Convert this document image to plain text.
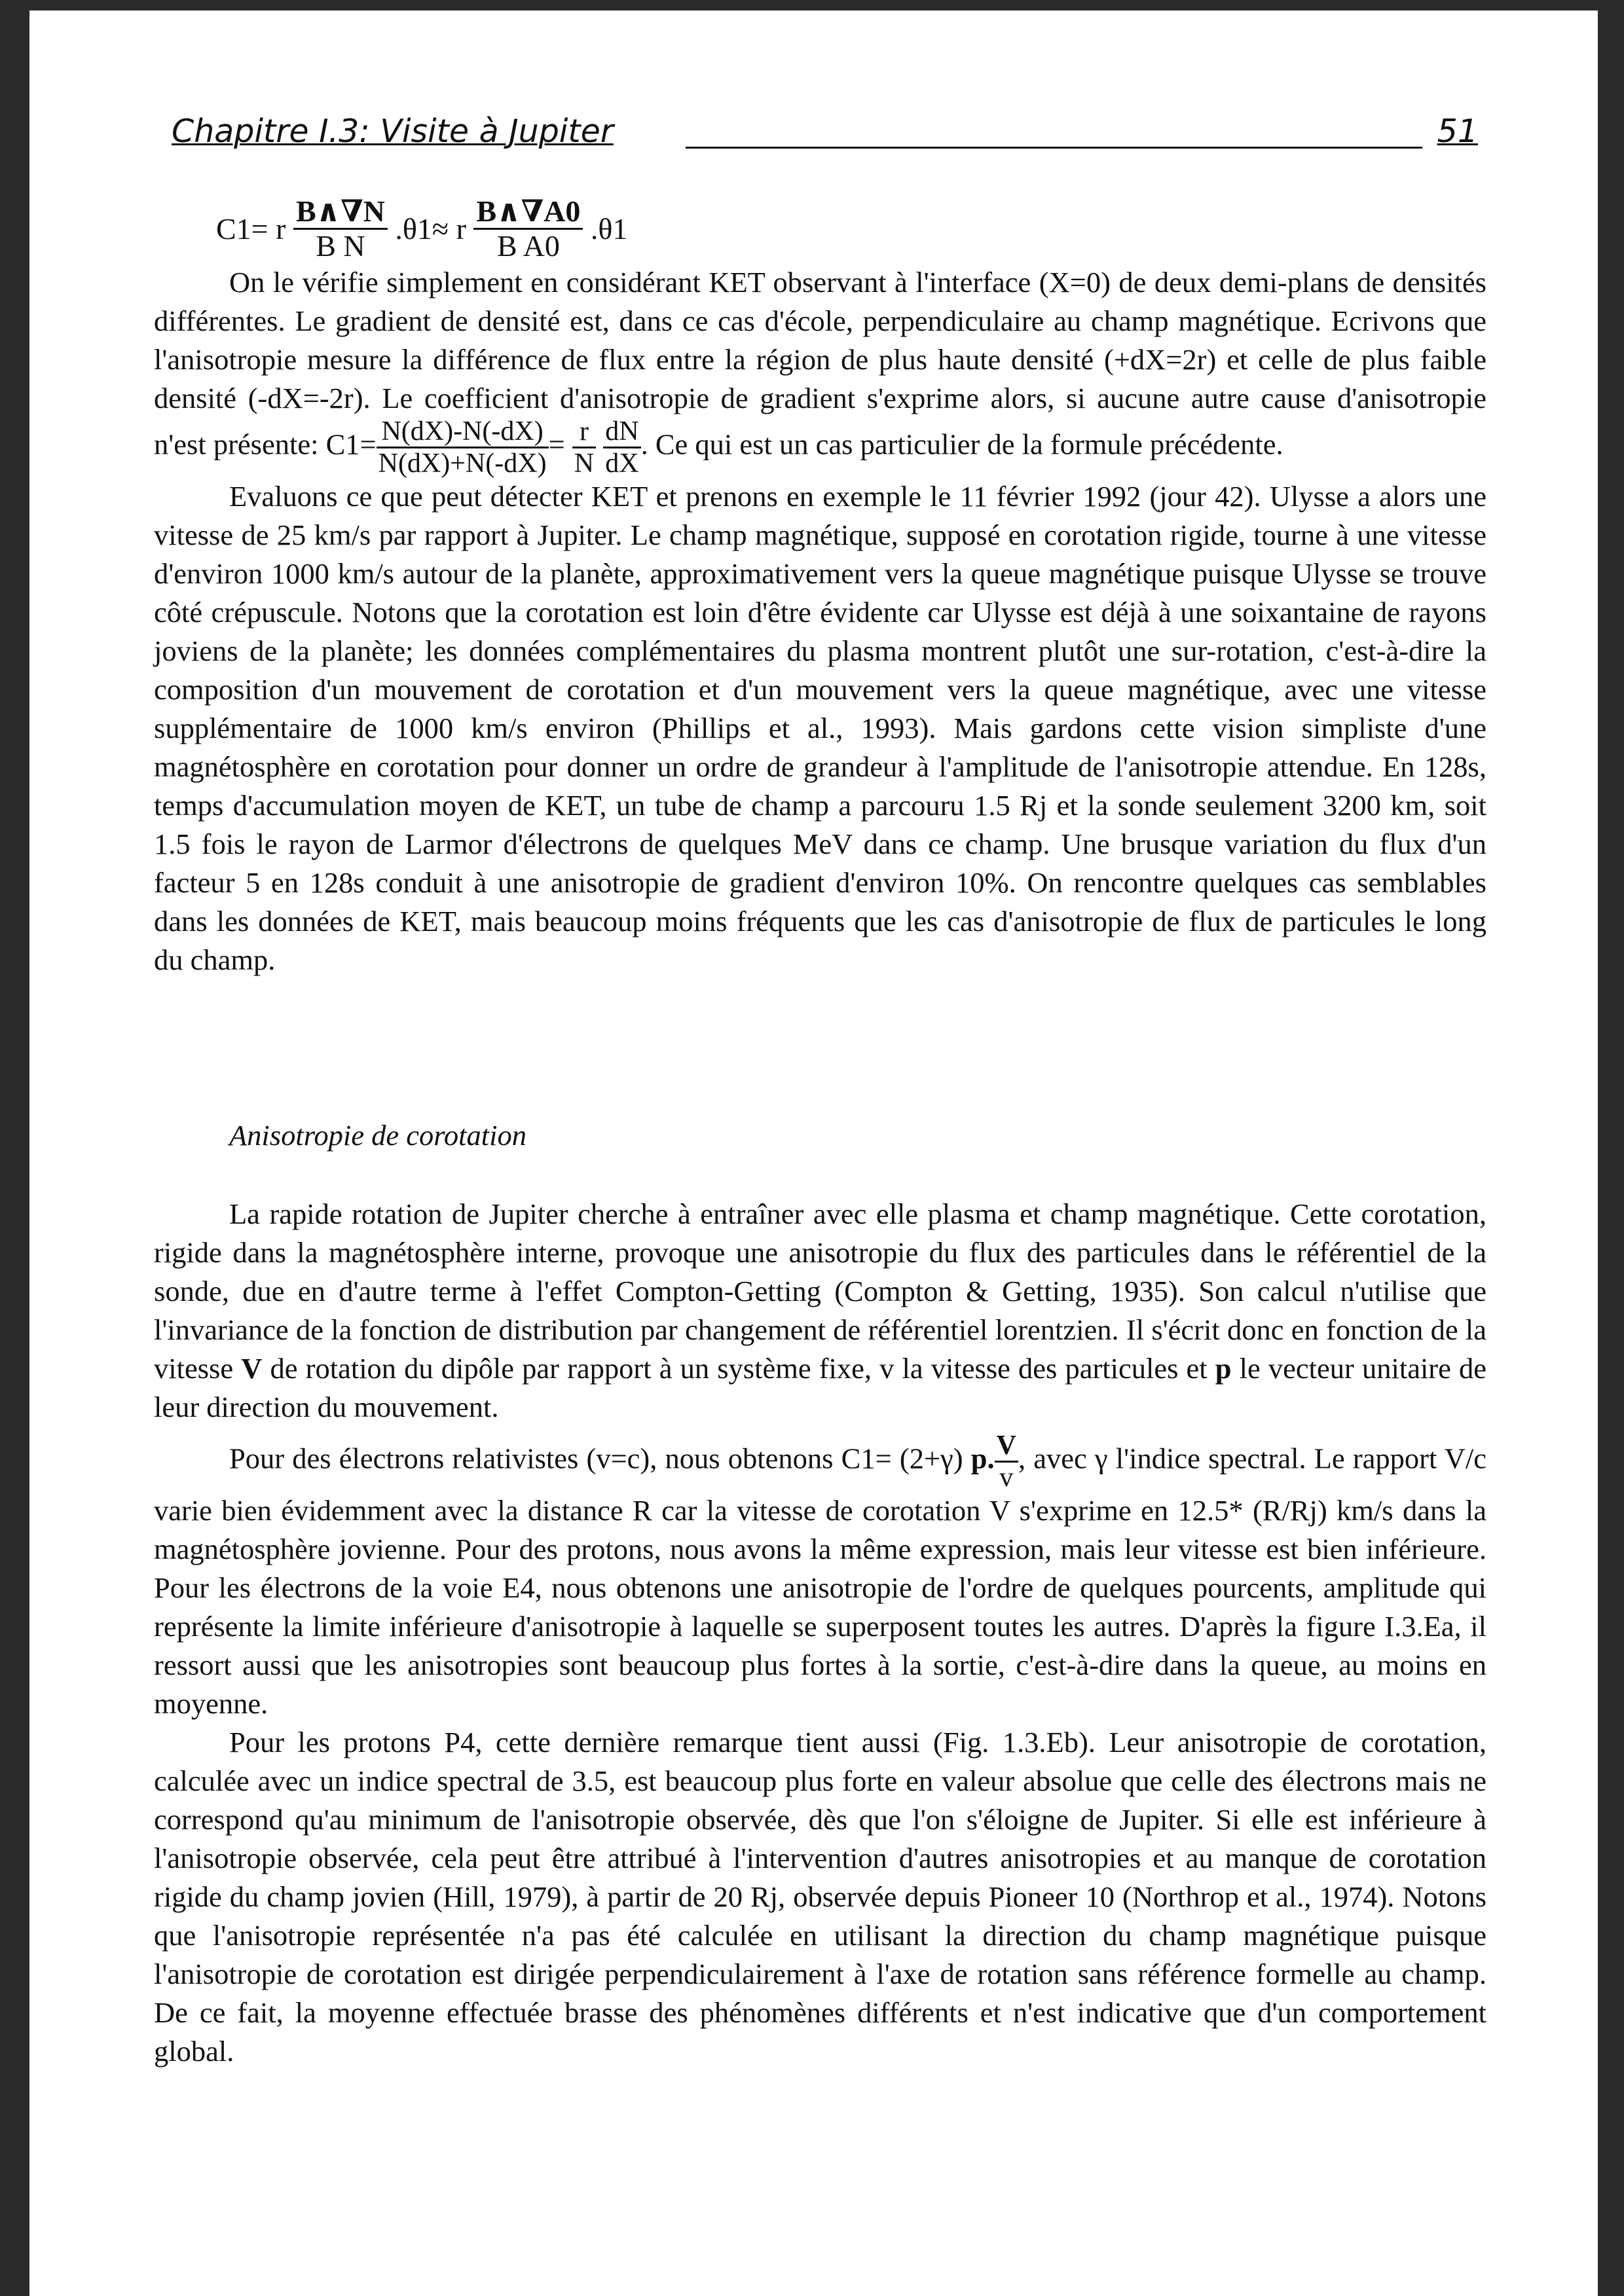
Chapitre I.3: Visite à Jupiter	51
C1= r $\frac{B\wedge\nabla N}{\text{B N}} .\theta 1\approx r \frac{B\wedge\nabla A0}{\text{B A0}} .\theta 1$

On le vérifie simplement en considérant KET observant à l'interface (X=0) de deux demi-plans de densités différentes. Le gradient de densité est, dans ce cas d'école, perpendiculaire au champ magnétique. Ecrivons que l'anisotropie mesure la différence de flux entre la région de plus haute densité (+dX=2r) et celle de plus faible densité (-dX=-2r). Le coefficient d'anisotropie de gradient s'exprime alors, si aucune autre cause d'anisotropie n'est présente: $C1= \frac{N(dX)-N(-dX)}{N(dX)+N(-dX)} = \frac{r}{N}$
$\frac{dN}{dX}$ . Ce qui est un cas particulier de la formule précédente.

Evaluons ce que peut détecter KET et prenons en exemple le 11 février 1992 (jour 42). Ulysse a alors une vitesse de 25 km/s par rapport à Jupiter. Le champ magnétique, supposé en corotation rigide, tourne à une vitesse d'environ 1000 km/s autour de la planète, approximativement vers la queue magnétique puisque Ulysse se trouve côté crépuscule. Notons que la corotation est loin d'être évidente car Ulysse est déjà à une soixantaine de rayons joviens de la planète; les données complémentaires du plasma montrent plutôt une sur-rotation, c'est-à-dire la composition d'un mouvement de corotation et d'un mouvement vers la queue magnétique, avec une vitesse supplémentaire de 1000 km/s environ (Phillips et al., 1993). Mais gardons cette vision simpliste d'une magnétosphère en corotation pour donner un ordre de grandeur à l'amplitude de l'anisotropie attendue. En 128s, temps d'accumulation moyen de KET, un tube de champ a parcouru 1.5 Rj et la sonde seulement 3200 km, soit 1.5 fois le rayon de Larmor d'électrons de quelques MeV dans ce champ. Une brusque variation du flux d'un facteur 5 en 128s conduit à une anisotropie de gradient d'environ 10%. On rencontre quelques cas semblables dans les données de KET, mais beaucoup moins fréquents que les cas d'anisotropie de flux de particules le long du champ.

Anisotropie de corotation

La rapide rotation de Jupiter cherche à entraîner avec elle plasma et champ magnétique. Cette corotation, rigide dans la magnétosphère interne, provoque une anisotropie du flux des particules dans le référentiel de la sonde, due en d'autre terme à l'effet Compton-Getting (Compton & Getting, 1935). Son calcul n'utilise que l'invariance de la fonction de distribution par changement de référentiel lorentzien. Il s'écrit donc en fonction de la vitesse V de rotation du dipôle par rapport à un système fixe, v la vitesse des particules et p le vecteur unitaire de leur direction du mouvement.

Pour des électrons relativistes (v=c), nous obtenons C1= (2+γ) p. $\frac{V}{v}$ , avec γ l'indice spectral. Le rapport V/c varie bien évidemment avec la distance R car la vitesse de corotation V s'exprime en 12.5* (R/Rj) km/s dans la magnétosphère jovienne. Pour des protons, nous avons la même expression, mais leur vitesse est bien inférieure. Pour les électrons de la voie E4, nous obtenons une anisotropie de l'ordre de quelques pourcents, amplitude qui représente la limite inférieure d'anisotropie à laquelle se superposent toutes les autres. D'après la figure I.3.Ea, il ressort aussi que les anisotropies sont beaucoup plus fortes à la sortie, c'est-à-dire dans la queue, au moins en moyenne.

Pour les protons P4, cette dernière remarque tient aussi (Fig. 1.3.Eb). Leur anisotropie de corotation, calculée avec un indice spectral de 3.5, est beaucoup plus forte en valeur absolue que celle des électrons mais ne correspond qu'au minimum de l'anisotropie observée, dès que l'on s'éloigne de Jupiter. Si elle est inférieure à l'anisotropie observée, cela peut être attribué à l'intervention d'autres anisotropies et au manque de corotation rigide du champ jovien (Hill, 1979), à partir de 20 Rj, observée depuis Pioneer 10 (Northrop et al., 1974). Notons que l'anisotropie représentée n'a pas été calculée en utilisant la direction du champ magnétique puisque l'anisotropie de corotation est dirigée perpendiculairement à l'axe de rotation sans référence formelle au champ. De ce fait, la moyenne effectuée brasse des phénomènes différents et n'est indicative que d'un comportement global.
